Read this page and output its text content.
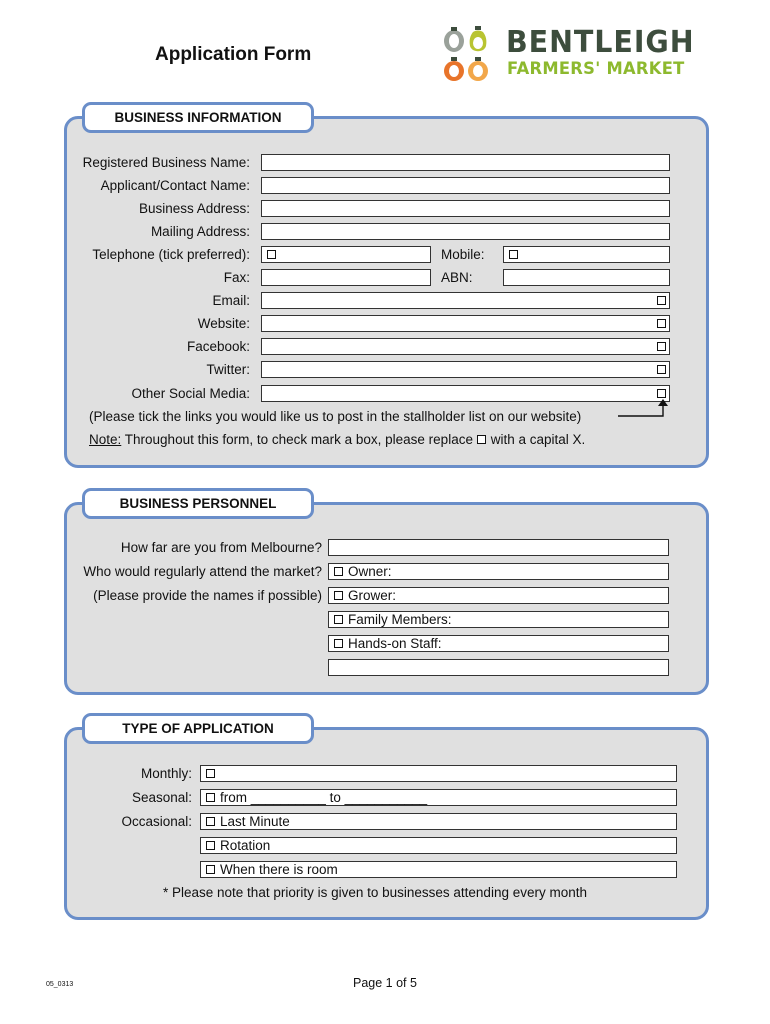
Application Form	BENTLEIGH
FARMERS' MARKET
BUSINESS INFORMATION
Registered Business Name:
Applicant/Contact Name:
Business Address:
Mailing Address:
Telephone (tick preferred):	Mobile:
Fax:	ABN:
Email:
Website:
Facebook:
Twitter:
Other Social Media:
(Please tick the links you would like us to post in the stallholder list on our website)
Note: Throughout this form, to check mark a box, please replace with a capital X.
BUSINESS PERSONNEL
How far are you from Melbourne?
Who would regularly attend the market?	Owner:
(Please provide the names if possible)	Grower:
Family Members:
Hands-on Staff:
TYPE OF APPLICATION
Monthly:
Seasonal:	from __________ to ___________
Occasional:	Last Minute
Rotation
When there is room
* Please note that priority is given to businesses attending every month
05_0313	Page 1 of 5
